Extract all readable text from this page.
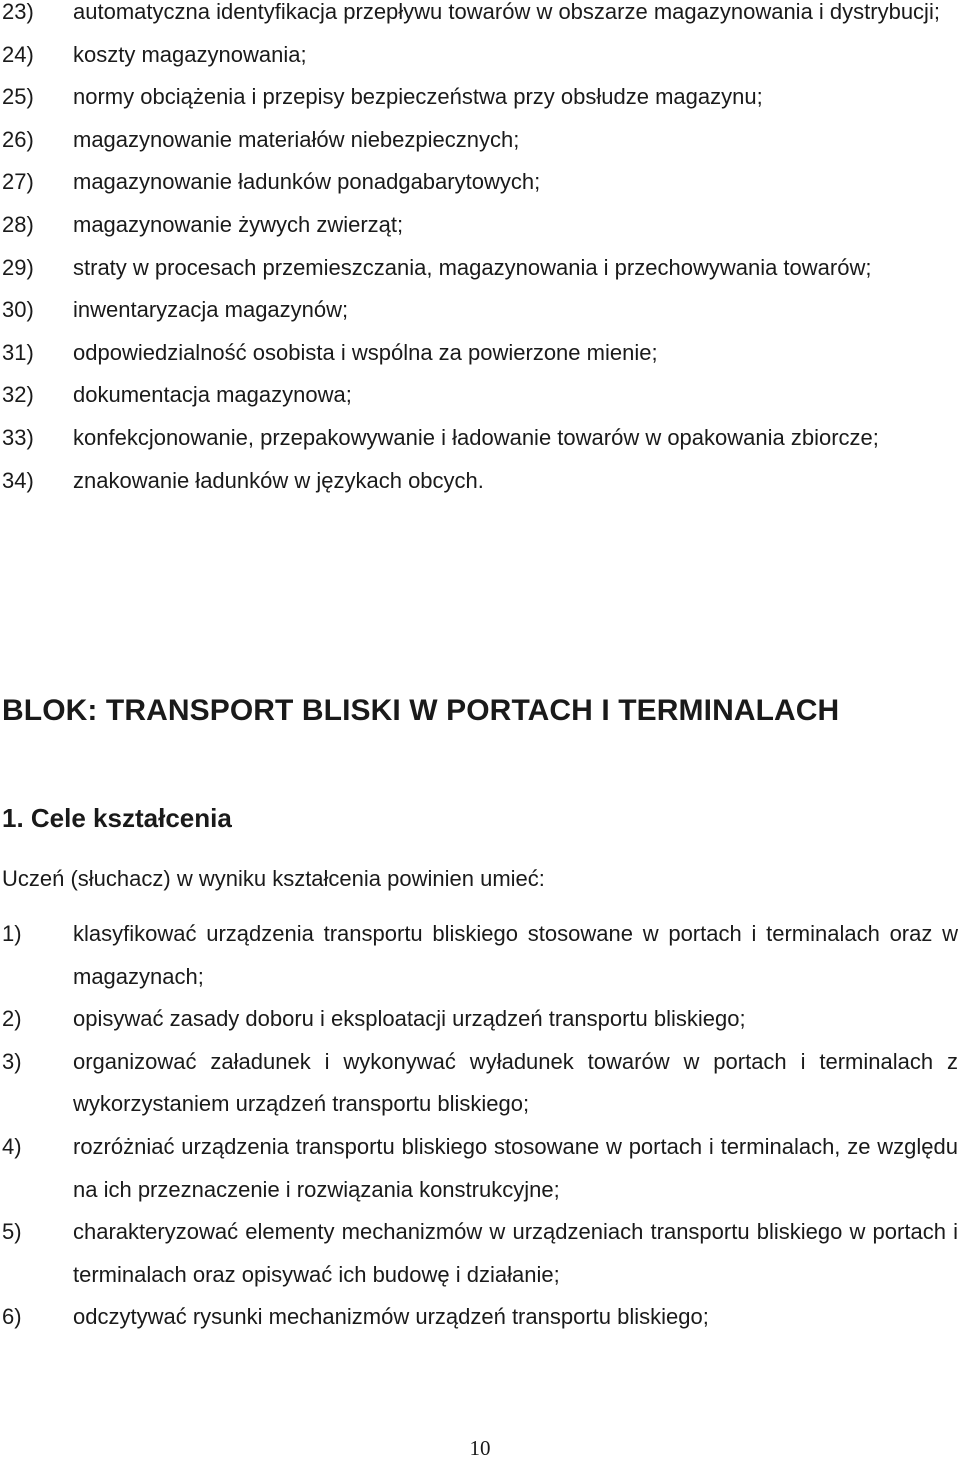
23) automatyczna identyfikacja przepływu towarów w obszarze magazynowania i dystrybucji;
24) koszty magazynowania;
25) normy obciążenia i przepisy bezpieczeństwa przy obsłudze magazynu;
26) magazynowanie materiałów niebezpiecznych;
27) magazynowanie ładunków ponadgabarytowych;
28) magazynowanie żywych zwierząt;
29) straty w procesach przemieszczania, magazynowania i przechowywania towarów;
30) inwentaryzacja magazynów;
31) odpowiedzialność osobista i wspólna za powierzone mienie;
32) dokumentacja magazynowa;
33) konfekcjonowanie, przepakowywanie i ładowanie towarów w opakowania zbiorcze;
34) znakowanie ładunków w językach obcych.
BLOK: TRANSPORT BLISKI W PORTACH I TERMINALACH
1. Cele kształcenia

Uczeń (słuchacz) w wyniku kształcenia powinien umieć:

1) klasyfikować urządzenia transportu bliskiego stosowane w portach i terminalach oraz w magazynach;
2) opisywać zasady doboru i eksploatacji urządzeń transportu bliskiego;
3) organizować załadunek i wykonywać wyładunek towarów w portach i terminalach z wykorzystaniem urządzeń transportu bliskiego;
4) rozróżniać urządzenia transportu bliskiego stosowane w portach i terminalach, ze względu na ich przeznaczenie i rozwiązania konstrukcyjne;
5) charakteryzować elementy mechanizmów w urządzeniach transportu bliskiego w portach i terminalach oraz opisywać ich budowę i działanie;
6) odczytywać rysunki mechanizmów urządzeń transportu bliskiego;
10
